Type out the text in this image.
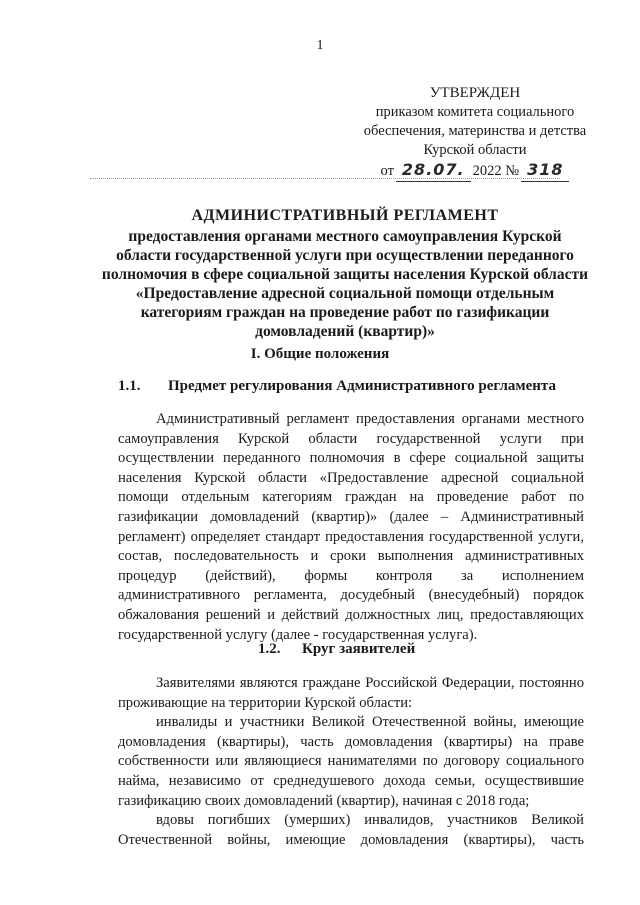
1
УТВЕРЖДЕН
приказом комитета социального
обеспечения, материнства и детства
Курской области
от 28.07. 2022 № 318
АДМИНИСТРАТИВНЫЙ РЕГЛАМЕНТ
предоставления органами местного самоуправления Курской
области государственной услуги при осуществлении переданного
полномочия в сфере социальной защиты населения Курской области
«Предоставление адресной социальной помощи отдельным
категориям граждан на проведение работ по газификации
домовладений (квартир)»
I. Общие положения
1.1. Предмет регулирования Административного регламента

Административный регламент предоставления органами местного самоуправления Курской области государственной услуги при осуществлении переданного полномочия в сфере социальной защиты населения Курской области «Предоставление адресной социальной помощи отдельным категориям граждан на проведение работ по газификации домовладений (квартир)» (далее – Административный регламент) определяет стандарт предоставления государственной услуги, состав, последовательность и сроки выполнения административных процедур (действий), формы контроля за исполнением административного регламента, досудебный (внесудебный) порядок обжалования решений и действий должностных лиц, предоставляющих государственной услугу (далее - государственная услуга).

1.2. Круг заявителей

Заявителями являются граждане Российской Федерации, постоянно проживающие на территории Курской области:

инвалиды и участники Великой Отечественной войны, имеющие домовладения (квартиры), часть домовладения (квартиры) на праве собственности или являющиеся нанимателями по договору социального найма, независимо от среднедушевого дохода семьи, осуществившие газификацию своих домовладений (квартир), начиная с 2018 года;

вдовы погибших (умерших) инвалидов, участников Великой Отечественной войны, имеющие домовладения (квартиры), часть
